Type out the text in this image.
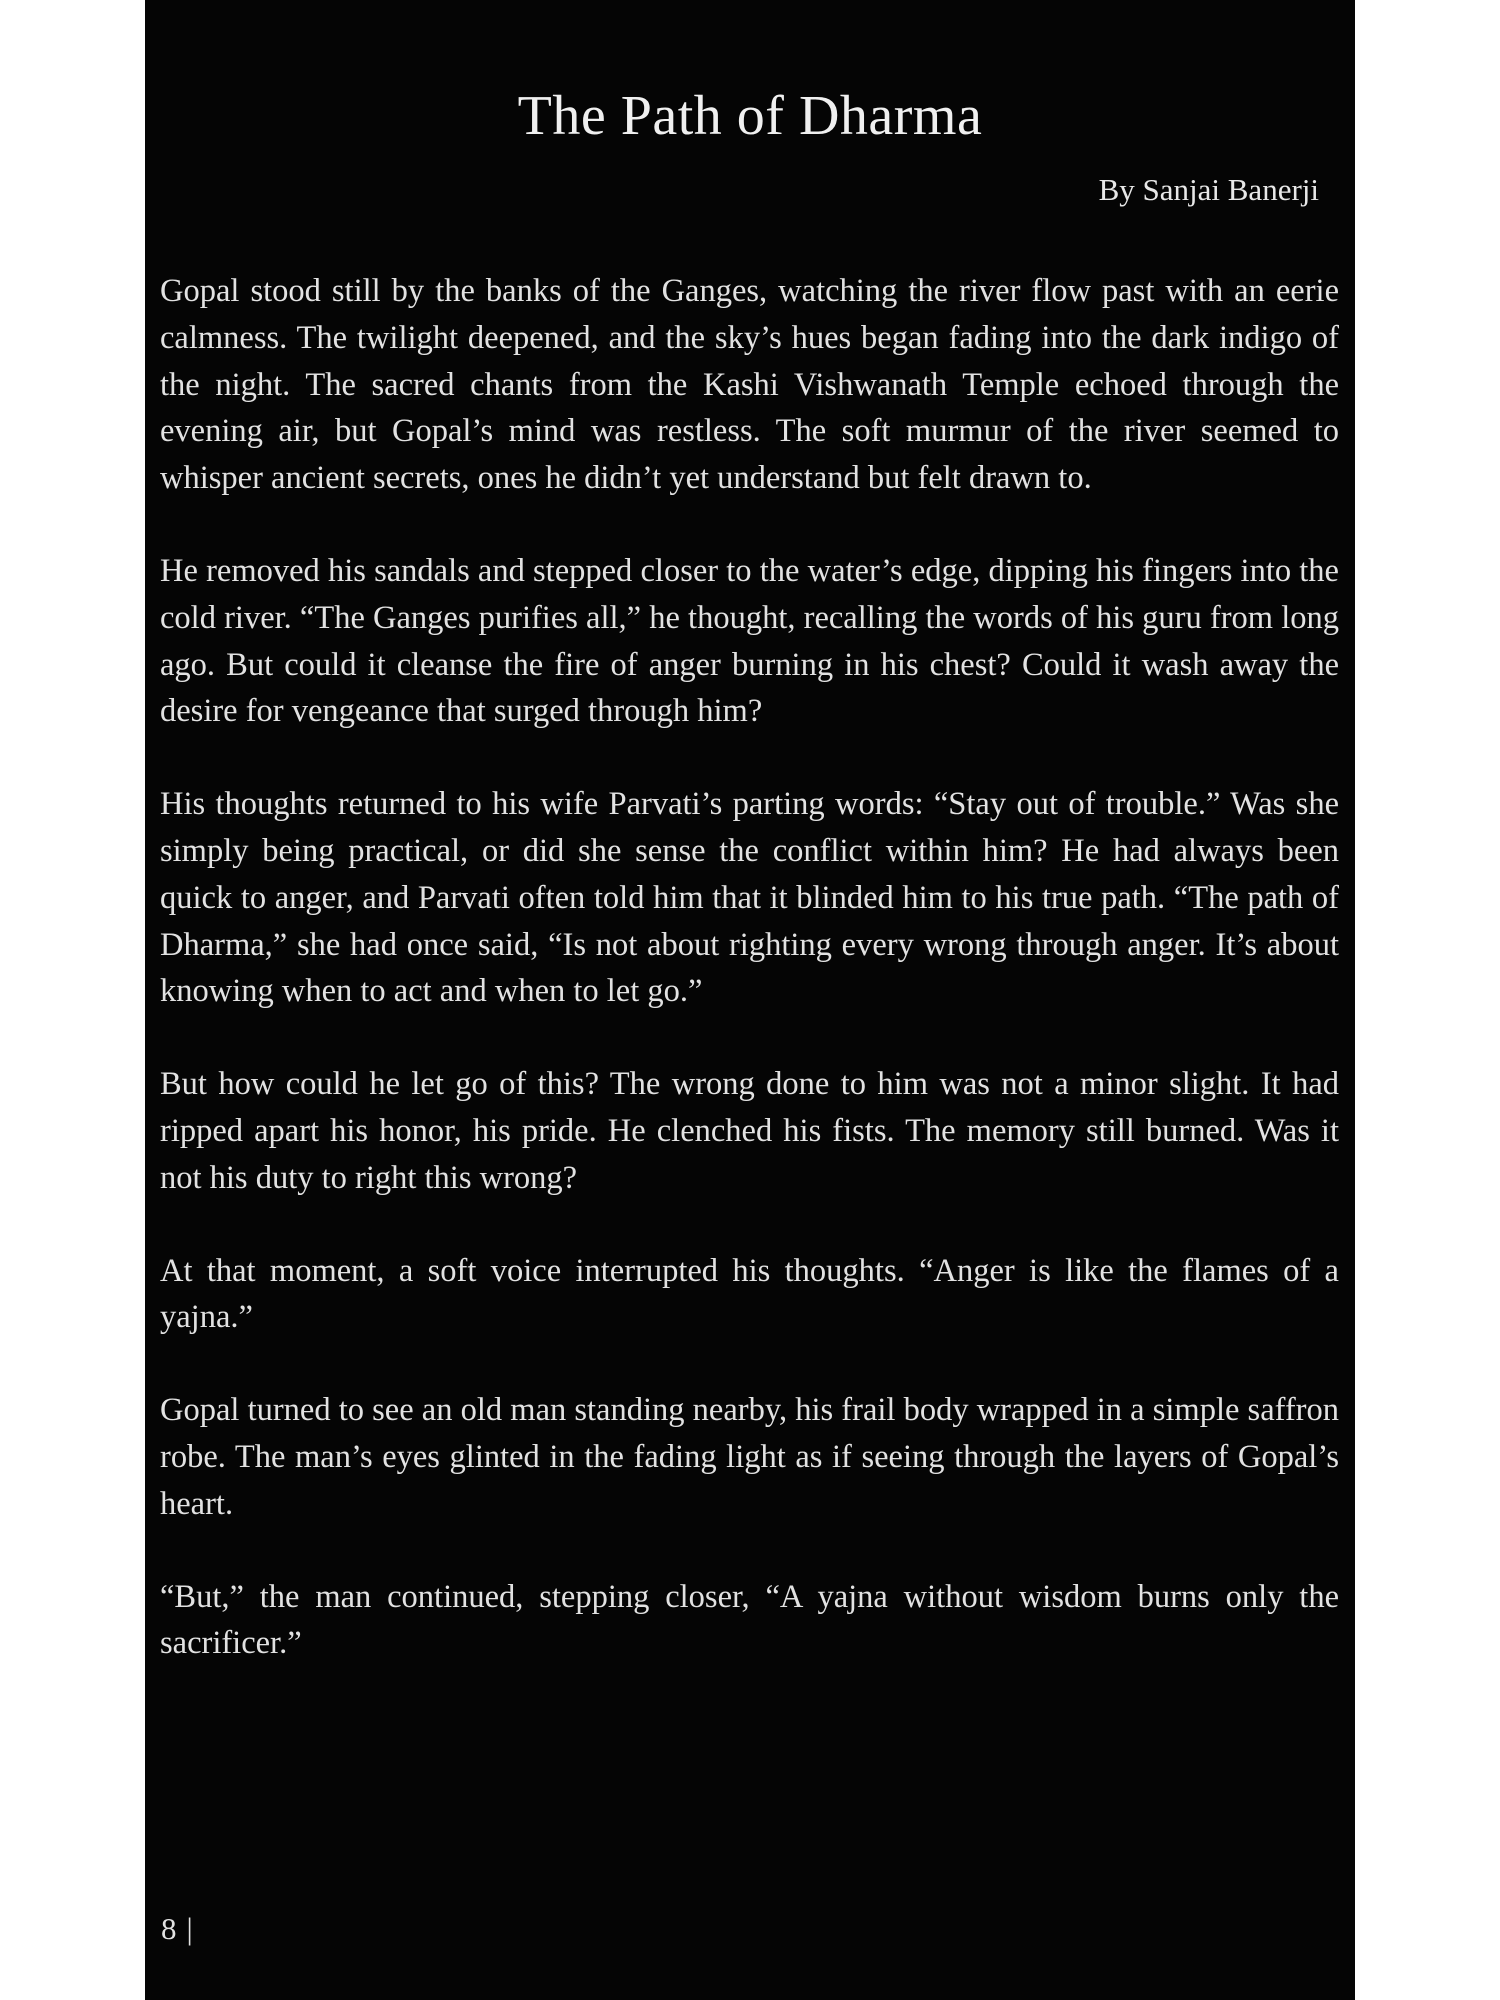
The Path of Dharma
By Sanjai Banerji

Gopal stood still by the banks of the Ganges, watching the river flow past with an eerie calmness. The twilight deepened, and the sky’s hues began fading into the dark indigo of the night. The sacred chants from the Kashi Vishwanath Temple echoed through the evening air, but Gopal’s mind was restless. The soft murmur of the river seemed to whisper ancient secrets, ones he didn’t yet understand but felt drawn to.

He removed his sandals and stepped closer to the water’s edge, dipping his fingers into the cold river. “The Ganges purifies all,” he thought, recalling the words of his guru from long ago. But could it cleanse the fire of anger burning in his chest? Could it wash away the desire for vengeance that surged through him?

His thoughts returned to his wife Parvati’s parting words: “Stay out of trouble.” Was she simply being practical, or did she sense the conflict within him? He had always been quick to anger, and Parvati often told him that it blinded him to his true path. “The path of Dharma,” she had once said, “Is not about righting every wrong through anger. It’s about knowing when to act and when to let go.”

But how could he let go of this? The wrong done to him was not a minor slight. It had ripped apart his honor, his pride. He clenched his fists. The memory still burned. Was it not his duty to right this wrong?

At that moment, a soft voice interrupted his thoughts. “Anger is like the flames of a yajna.”

Gopal turned to see an old man standing nearby, his frail body wrapped in a simple saffron robe. The man’s eyes glinted in the fading light as if seeing through the layers of Gopal’s heart.

“But,” the man continued, stepping closer, “A yajna without wisdom burns only the sacrificer.”

8 |
